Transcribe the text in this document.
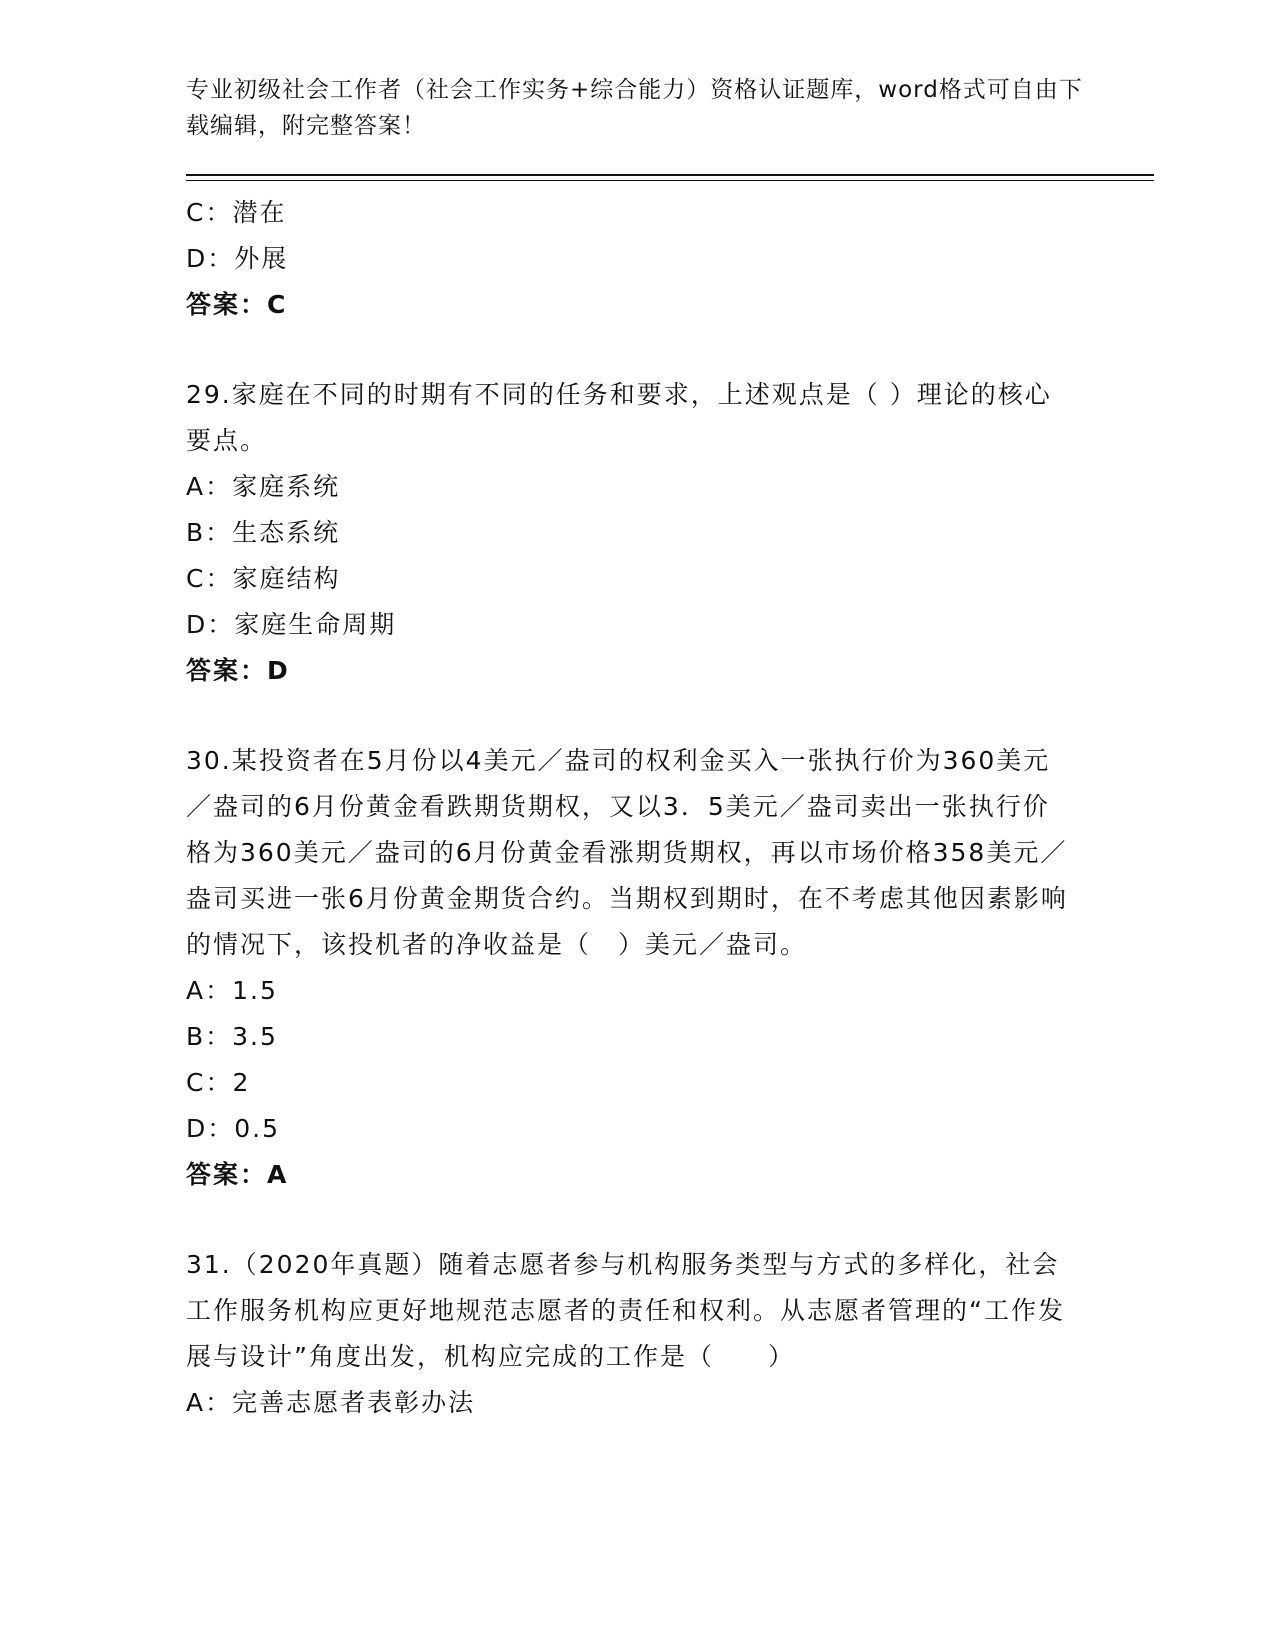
专业初级社会工作者（社会工作实务+综合能力）资格认证题库，word格式可自由下载编辑，附完整答案！
C：潜在
D：外展
答案：C
29.家庭在不同的时期有不同的任务和要求，上述观点是（ ）理论的核心要点。
A：家庭系统
B：生态系统
C：家庭结构
D：家庭生命周期
答案：D
30.某投资者在5月份以4美元／盎司的权利金买入一张执行价为360美元／盎司的6月份黄金看跌期货期权，又以3．5美元／盎司卖出一张执行价格为360美元／盎司的6月份黄金看涨期货期权，再以市场价格358美元／盎司买进一张6月份黄金期货合约。当期权到期时，在不考虑其他因素影响的情况下，该投机者的净收益是（　）美元／盎司。
A：1.5
B：3.5
C：2
D：0.5
答案：A
31.（2020年真题）随着志愿者参与机构服务类型与方式的多样化，社会工作服务机构应更好地规范志愿者的责任和权利。从志愿者管理的“工作发展与设计”角度出发，机构应完成的工作是（　　）
A：完善志愿者表彰办法
